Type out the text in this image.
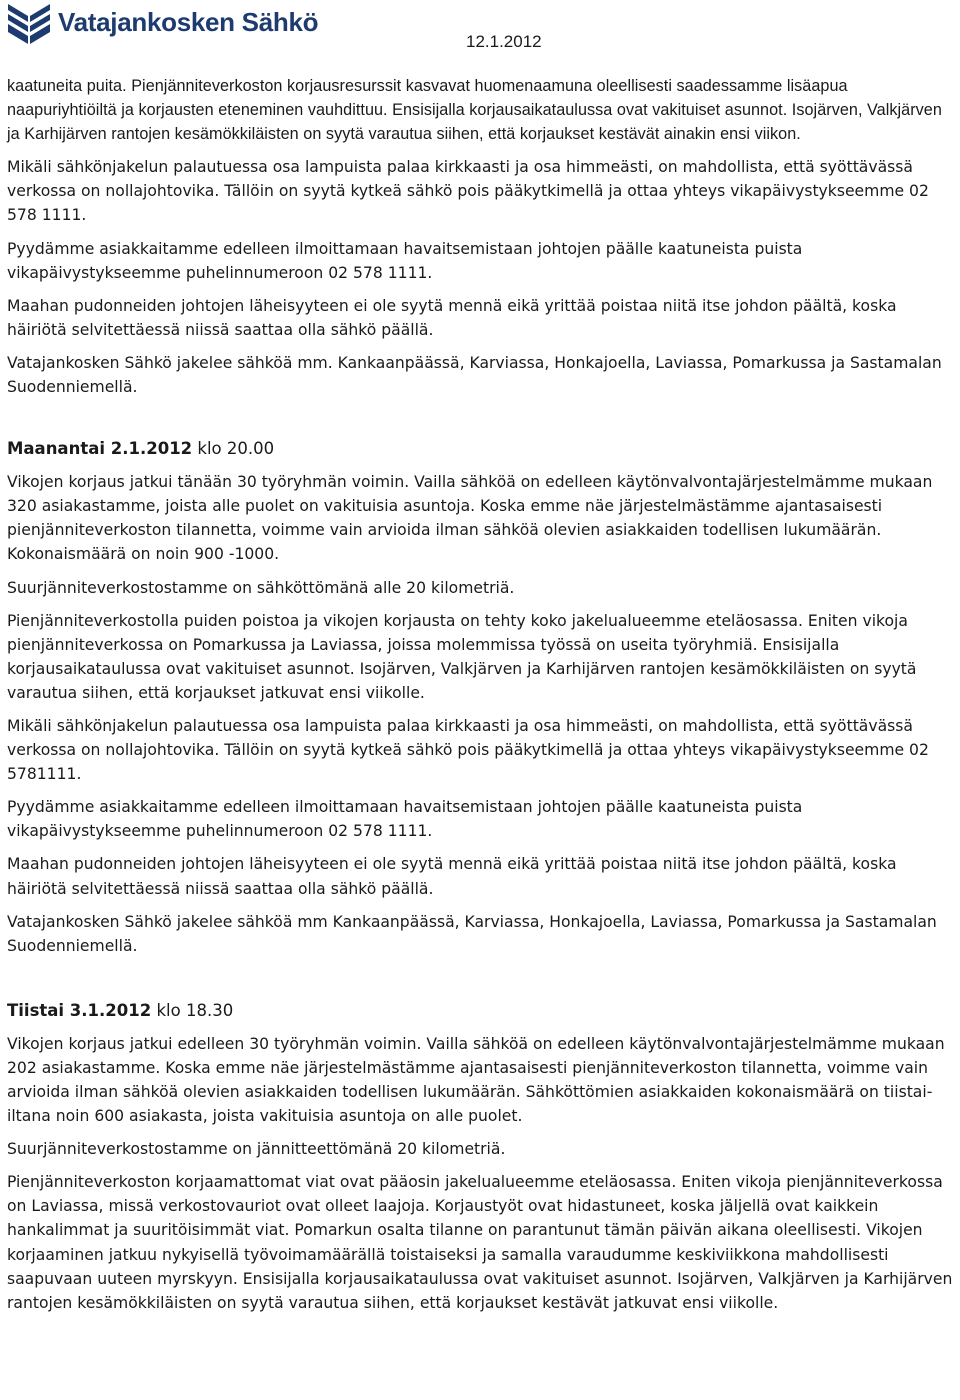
Vatajankosken Sähkö
12.1.2012

kaatuneita puita. Pienjänniteverkoston korjausresurssit kasvavat huomenaamuna oleellisesti saadessamme lisäapua naapuriyhtiöiltä ja korjausten eteneminen vauhdittuu. Ensisijalla korjausaikataulussa ovat vakituiset asunnot. Isojärven, Valkjärven ja Karhijärven rantojen kesämökkiläisten on syytä varautua siihen, että korjaukset kestävät ainakin ensi viikon.

Mikäli sähkönjakelun palautuessa osa lampuista palaa kirkkaasti ja osa himmeästi, on mahdollista, että syöttävässä verkossa on nollajohtovika. Tällöin on syytä kytkeä sähkö pois pääkytkimellä ja ottaa yhteys vikapäivystykseemme 02 578 1111.

Pyydämme asiakkaitamme edelleen ilmoittamaan havaitsemistaan johtojen päälle kaatuneista puista vikapäivystykseemme puhelinnumeroon 02 578 1111.

Maahan pudonneiden johtojen läheisyyteen ei ole syytä mennä eikä yrittää poistaa niitä itse johdon päältä, koska häiriötä selvitettäessä niissä saattaa olla sähkö päällä.

Vatajankosken Sähkö jakelee sähköä mm. Kankaanpäässä, Karviassa, Honkajoella, Laviassa, Pomarkussa ja Sastamalan Suodenniemellä.

Maanantai 2.1.2012 klo 20.00

Vikojen korjaus jatkui tänään 30 työryhmän voimin. Vailla sähköä on edelleen käytönvalvontajärjestelmämme mukaan 320 asiakastamme, joista alle puolet on vakituisia asuntoja. Koska emme näe järjestelmästämme ajantasaisesti pienjänniteverkoston tilannetta, voimme vain arvioida ilman sähköä olevien asiakkaiden todellisen lukumäärän. Kokonaismäärä on noin 900 -1000.

Suurjänniteverkostostamme on sähköttömänä alle 20 kilometriä.

Pienjänniteverkostolla puiden poistoa ja vikojen korjausta on tehty koko jakelualueemme eteläosassa. Eniten vikoja pienjänniteverkossa on Pomarkussa ja Laviassa, joissa molemmissa työssä on useita työryhmiä. Ensisijalla korjausaikataulussa ovat vakituiset asunnot. Isojärven, Valkjärven ja Karhijärven rantojen kesämökkiläisten on syytä varautua siihen, että korjaukset jatkuvat ensi viikolle.

Mikäli sähkönjakelun palautuessa osa lampuista palaa kirkkaasti ja osa himmeästi, on mahdollista, että syöttävässä verkossa on nollajohtovika. Tällöin on syytä kytkeä sähkö pois pääkytkimellä ja ottaa yhteys vikapäivystykseemme 02 5781111.

Pyydämme asiakkaitamme edelleen ilmoittamaan havaitsemistaan johtojen päälle kaatuneista puista vikapäivystykseemme puhelinnumeroon 02 578 1111.

Maahan pudonneiden johtojen läheisyyteen ei ole syytä mennä eikä yrittää poistaa niitä itse johdon päältä, koska häiriötä selvitettäessä niissä saattaa olla sähkö päällä.

Vatajankosken Sähkö jakelee sähköä mm Kankaanpäässä, Karviassa, Honkajoella, Laviassa, Pomarkussa ja Sastamalan Suodenniemellä.

Tiistai 3.1.2012 klo 18.30

Vikojen korjaus jatkui edelleen 30 työryhmän voimin. Vailla sähköä on edelleen käytönvalvontajärjestelmämme mukaan 202 asiakastamme. Koska emme näe järjestelmästämme ajantasaisesti pienjänniteverkoston tilannetta, voimme vain arvioida ilman sähköä olevien asiakkaiden todellisen lukumäärän. Sähköttömien asiakkaiden kokonaismäärä on tiistai-iltana noin 600 asiakasta, joista vakituisia asuntoja on alle puolet.

Suurjänniteverkostostamme on jännitteettömänä 20 kilometriä.

Pienjänniteverkoston korjaamattomat viat ovat pääosin jakelualueemme eteläosassa. Eniten vikoja pienjänniteverkossa on Laviassa, missä verkostovauriot ovat olleet laajoja. Korjaustyöt ovat hidastuneet, koska jäljellä ovat kaikkein hankalimmat ja suuritöisimmät viat. Pomarkun osalta tilanne on parantunut tämän päivän aikana oleellisesti. Vikojen korjaaminen jatkuu nykyisellä työvoimamäärällä toistaiseksi ja samalla varaudumme keskiviikkona mahdollisesti saapuvaan uuteen myrskyyn. Ensisijalla korjausaikataulussa ovat vakituiset asunnot. Isojärven, Valkjärven ja Karhijärven rantojen kesämökkiläisten on syytä varautua siihen, että korjaukset kestävät jatkuvat ensi viikolle.
